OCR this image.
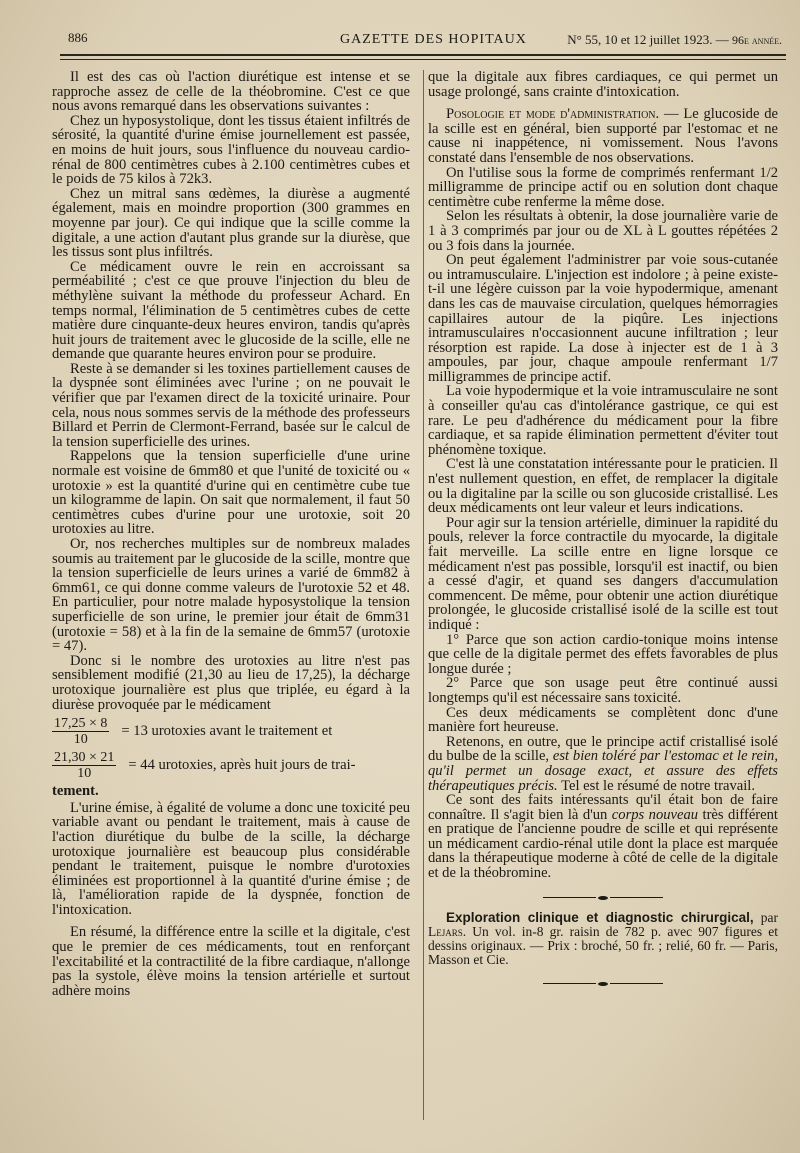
886	GAZETTE DES HOPITAUX	N° 55, 10 et 12 juillet 1923. — 96e année.

Il est des cas où l'action diurétique est intense et se rapproche assez de celle de la théobromine. C'est ce que nous avons remarqué dans les observations suivantes :

Chez un hyposystolique, dont les tissus étaient infiltrés de sérosité, la quantité d'urine émise journellement est passée, en moins de huit jours, sous l'influence du nouveau cardio-rénal de 800 centimètres cubes à 2.100 centimètres cubes et le poids de 75 kilos à 72k3.

Chez un mitral sans œdèmes, la diurèse a augmenté également, mais en moindre proportion (300 grammes en moyenne par jour). Ce qui indique que la scille comme la digitale, a une action d'autant plus grande sur la diurèse, que les tissus sont plus infiltrés.

Ce médicament ouvre le rein en accroissant sa perméabilité ; c'est ce que prouve l'injection du bleu de méthylène suivant la méthode du professeur Achard. En temps normal, l'élimination de 5 centimètres cubes de cette matière dure cinquante-deux heures environ, tandis qu'après huit jours de traitement avec le glucoside de la scille, elle ne demande que quarante heures environ pour se produire.

Reste à se demander si les toxines partiellement causes de la dyspnée sont éliminées avec l'urine ; on ne pouvait le vérifier que par l'examen direct de la toxicité urinaire. Pour cela, nous nous sommes servis de la méthode des professeurs Billard et Perrin de Clermont-Ferrand, basée sur le calcul de la tension superficielle des urines.

Rappelons que la tension superficielle d'une urine normale est voisine de 6mm80 et que l'unité de toxicité ou « urotoxie » est la quantité d'urine qui en centimètre cube tue un kilogramme de lapin. On sait que normalement, il faut 50 centimètres cubes d'urine pour une urotoxie, soit 20 urotoxies au litre.

Or, nos recherches multiples sur de nombreux malades soumis au traitement par le glucoside de la scille, montre que la tension superficielle de leurs urines a varié de 6mm82 à 6mm61, ce qui donne comme valeurs de l'urotoxie 52 et 48. En particulier, pour notre malade hyposystolique la tension superficielle de son urine, le premier jour était de 6mm31 (urotoxie = 58) et à la fin de la semaine de 6mm57 (urotoxie = 47).

Donc si le nombre des urotoxies au litre n'est pas sensiblement modifié (21,30 au lieu de 17,25), la décharge urotoxique journalière est plus que triplée, eu égard à la diurèse provoquée par le médicament

$\frac{17,25 \times 8}{10} = 13$ urotoxies avant le traitement et
$\frac{21,30 \times 21}{10} = 44$ urotoxies, après huit jours de trai-

tement.

L'urine émise, à égalité de volume a donc une toxicité peu variable avant ou pendant le traitement, mais à cause de l'action diurétique du bulbe de la scille, la décharge urotoxique journalière est beaucoup plus considérable pendant le traitement, puisque le nombre d'urotoxies éliminées est proportionnel à la quantité d'urine émise ; de là, l'amélioration rapide de la dyspnée, fonction de l'intoxication.

En résumé, la différence entre la scille et la digitale, c'est que le premier de ces médicaments, tout en renforçant l'excitabilité et la contractilité de la fibre cardiaque, n'allonge pas la systole, élève moins la tension artérielle et surtout adhère moins

que la digitale aux fibres cardiaques, ce qui permet un usage prolongé, sans crainte d'intoxication.

Posologie et mode d'administration. — Le glucoside de la scille est en général, bien supporté par l'estomac et ne cause ni inappétence, ni vomissement. Nous l'avons constaté dans l'ensemble de nos observations.

On l'utilise sous la forme de comprimés renfermant 1/2 milligramme de principe actif ou en solution dont chaque centimètre cube renferme la même dose.

Selon les résultats à obtenir, la dose journalière varie de 1 à 3 comprimés par jour ou de XL à L gouttes répétées 2 ou 3 fois dans la journée.

On peut également l'administrer par voie sous-cutanée ou intramusculaire. L'injection est indolore ; à peine existe-t-il une légère cuisson par la voie hypodermique, amenant dans les cas de mauvaise circulation, quelques hémorragies capillaires autour de la piqûre. Les injections intramusculaires n'occasionnent aucune infiltration ; leur résorption est rapide. La dose à injecter est de 1 à 3 ampoules, par jour, chaque ampoule renfermant 1/7 milligrammes de principe actif.

La voie hypodermique et la voie intramusculaire ne sont à conseiller qu'au cas d'intolérance gastrique, ce qui est rare. Le peu d'adhérence du médicament pour la fibre cardiaque, et sa rapide élimination permettent d'éviter tout phénomène toxique.

C'est là une constatation intéressante pour le praticien. Il n'est nullement question, en effet, de remplacer la digitale ou la digitaline par la scille ou son glucoside cristallisé. Les deux médicaments ont leur valeur et leurs indications.

Pour agir sur la tension artérielle, diminuer la rapidité du pouls, relever la force contractile du myocarde, la digitale fait merveille. La scille entre en ligne lorsque ce médicament n'est pas possible, lorsqu'il est inactif, ou bien a cessé d'agir, et quand ses dangers d'accumulation commencent. De même, pour obtenir une action diurétique prolongée, le glucoside cristallisé isolé de la scille est tout indiqué :

1° Parce que son action cardio-tonique moins intense que celle de la digitale permet des effets favorables de plus longue durée ;

2° Parce que son usage peut être continué aussi longtemps qu'il est nécessaire sans toxicité.

Ces deux médicaments se complètent donc d'une manière fort heureuse.

Retenons, en outre, que le principe actif cristallisé isolé du bulbe de la scille, est bien toléré par l'estomac et le rein, qu'il permet un dosage exact, et assure des effets thérapeutiques précis. Tel est le résumé de notre travail.

Ce sont des faits intéressants qu'il était bon de faire connaître. Il s'agit bien là d'un corps nouveau très différent en pratique de l'ancienne poudre de scille et qui représente un médicament cardio-rénal utile dont la place est marquée dans la thérapeutique moderne à côté de celle de la digitale et de la théobromine.

Exploration clinique et diagnostic chirurgical, par Lejars. Un vol. in-8 gr. raisin de 782 p. avec 907 figures et dessins originaux. — Prix : broché, 50 fr. ; relié, 60 fr. — Paris, Masson et Cie.
